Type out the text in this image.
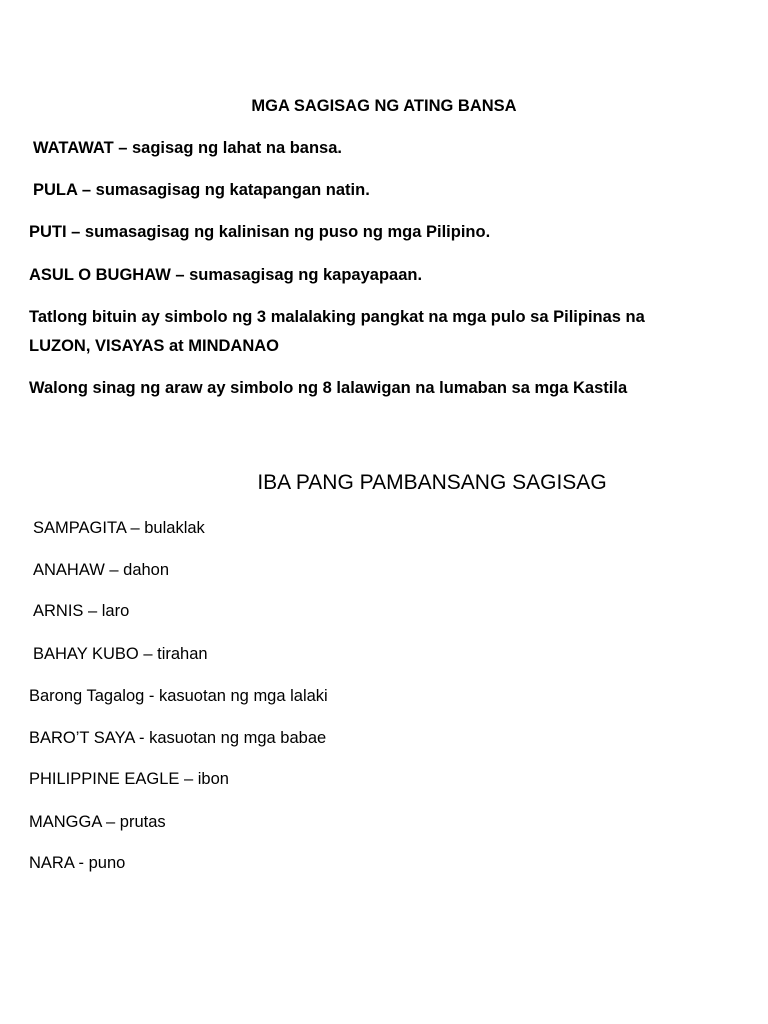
MGA SAGISAG NG ATING BANSA
WATAWAT – sagisag ng lahat na bansa.
PULA – sumasagisag ng katapangan natin.
PUTI – sumasagisag ng kalinisan ng puso ng mga Pilipino.
ASUL O BUGHAW – sumasagisag ng kapayapaan.
Tatlong bituin ay simbolo ng 3 malalaking pangkat na mga pulo sa Pilipinas na
LUZON, VISAYAS at MINDANAO
Walong sinag ng araw ay simbolo ng 8 lalawigan na lumaban sa mga Kastila
IBA PANG PAMBANSANG SAGISAG
SAMPAGITA – bulaklak
ANAHAW – dahon
ARNIS – laro
BAHAY KUBO – tirahan
Barong Tagalog - kasuotan ng mga lalaki
BARO’T SAYA - kasuotan ng mga babae
PHILIPPINE EAGLE – ibon
MANGGA – prutas
NARA - puno
